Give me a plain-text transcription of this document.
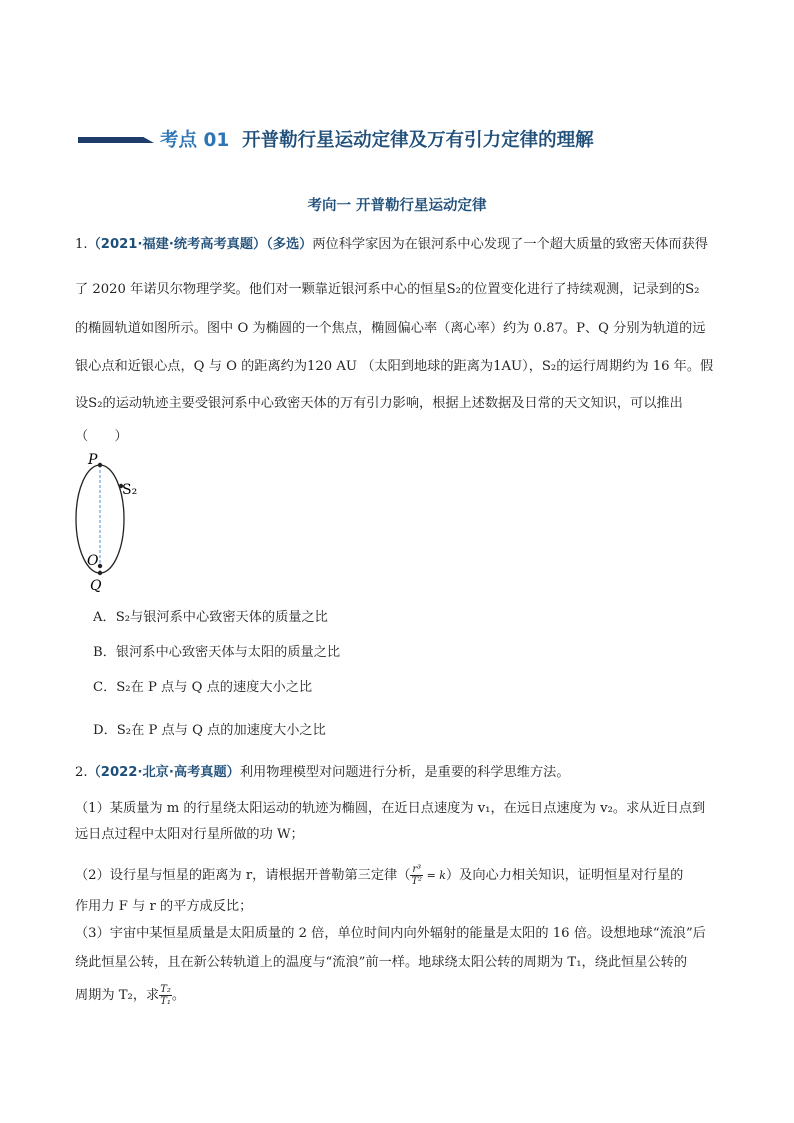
考点 01 开普勒行星运动定律及万有引力定律的理解
考向一 开普勒行星运动定律
1.（2021·福建·统考高考真题）（多选）两位科学家因为在银河系中心发现了一个超大质量的致密天体而获得
了 2020 年诺贝尔物理学奖。他们对一颗靠近银河系中心的恒星S₂的位置变化进行了持续观测，记录到的S₂
的椭圆轨道如图所示。图中 O 为椭圆的一个焦点，椭圆偏心率（离心率）约为 0.87。P、Q 分别为轨道的远
银心点和近银心点，Q 与 O 的距离约为120 AU （太阳到地球的距离为1AU），S₂的运行周期约为 16 年。假
设S₂的运动轨迹主要受银河系中心致密天体的万有引力影响，根据上述数据及日常的天文知识，可以推出
（　　）
P
S₂
O
Q
A．S₂与银河系中心致密天体的质量之比
B．银河系中心致密天体与太阳的质量之比
C．S₂在 P 点与 Q 点的速度大小之比
D．S₂在 P 点与 Q 点的加速度大小之比
2.（2022·北京·高考真题）利用物理模型对问题进行分析，是重要的科学思维方法。
（1）某质量为 m 的行星绕太阳运动的轨迹为椭圆，在近日点速度为 v₁，在远日点速度为 v₂。求从近日点到
远日点过程中太阳对行星所做的功 W；
（2）设行星与恒星的距离为 r，请根据开普勒第三定律（ $\frac{\text{r³}}{\text{T²}} = k$）及向心力相关知识，证明恒星对行星的
作用力 F 与 r 的平方成反比；
（3）宇宙中某恒星质量是太阳质量的 2 倍，单位时间内向外辐射的能量是太阳的 16 倍。设想地球“流浪”后
绕此恒星公转，且在新公转轨道上的温度与“流浪”前一样。地球绕太阳公转的周期为 T₁，绕此恒星公转的
周期为 T₂，求 $\frac{\text{T₂}}{\text{T₁}}$ 。
